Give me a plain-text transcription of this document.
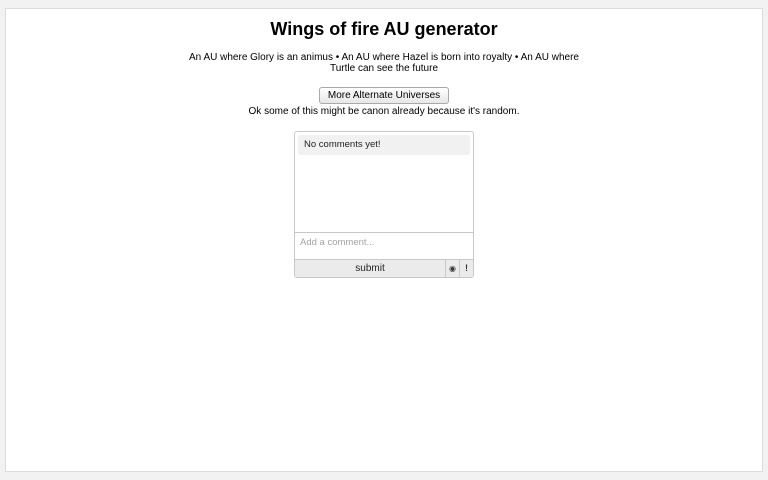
Wings of fire AU generator
An AU where Glory is an animus • An AU where Hazel is born into royalty • An AU where Turtle can see the future
More Alternate Universes
Ok some of this might be canon already because it's random.
No comments yet!
Add a comment...
submit	◉ !
